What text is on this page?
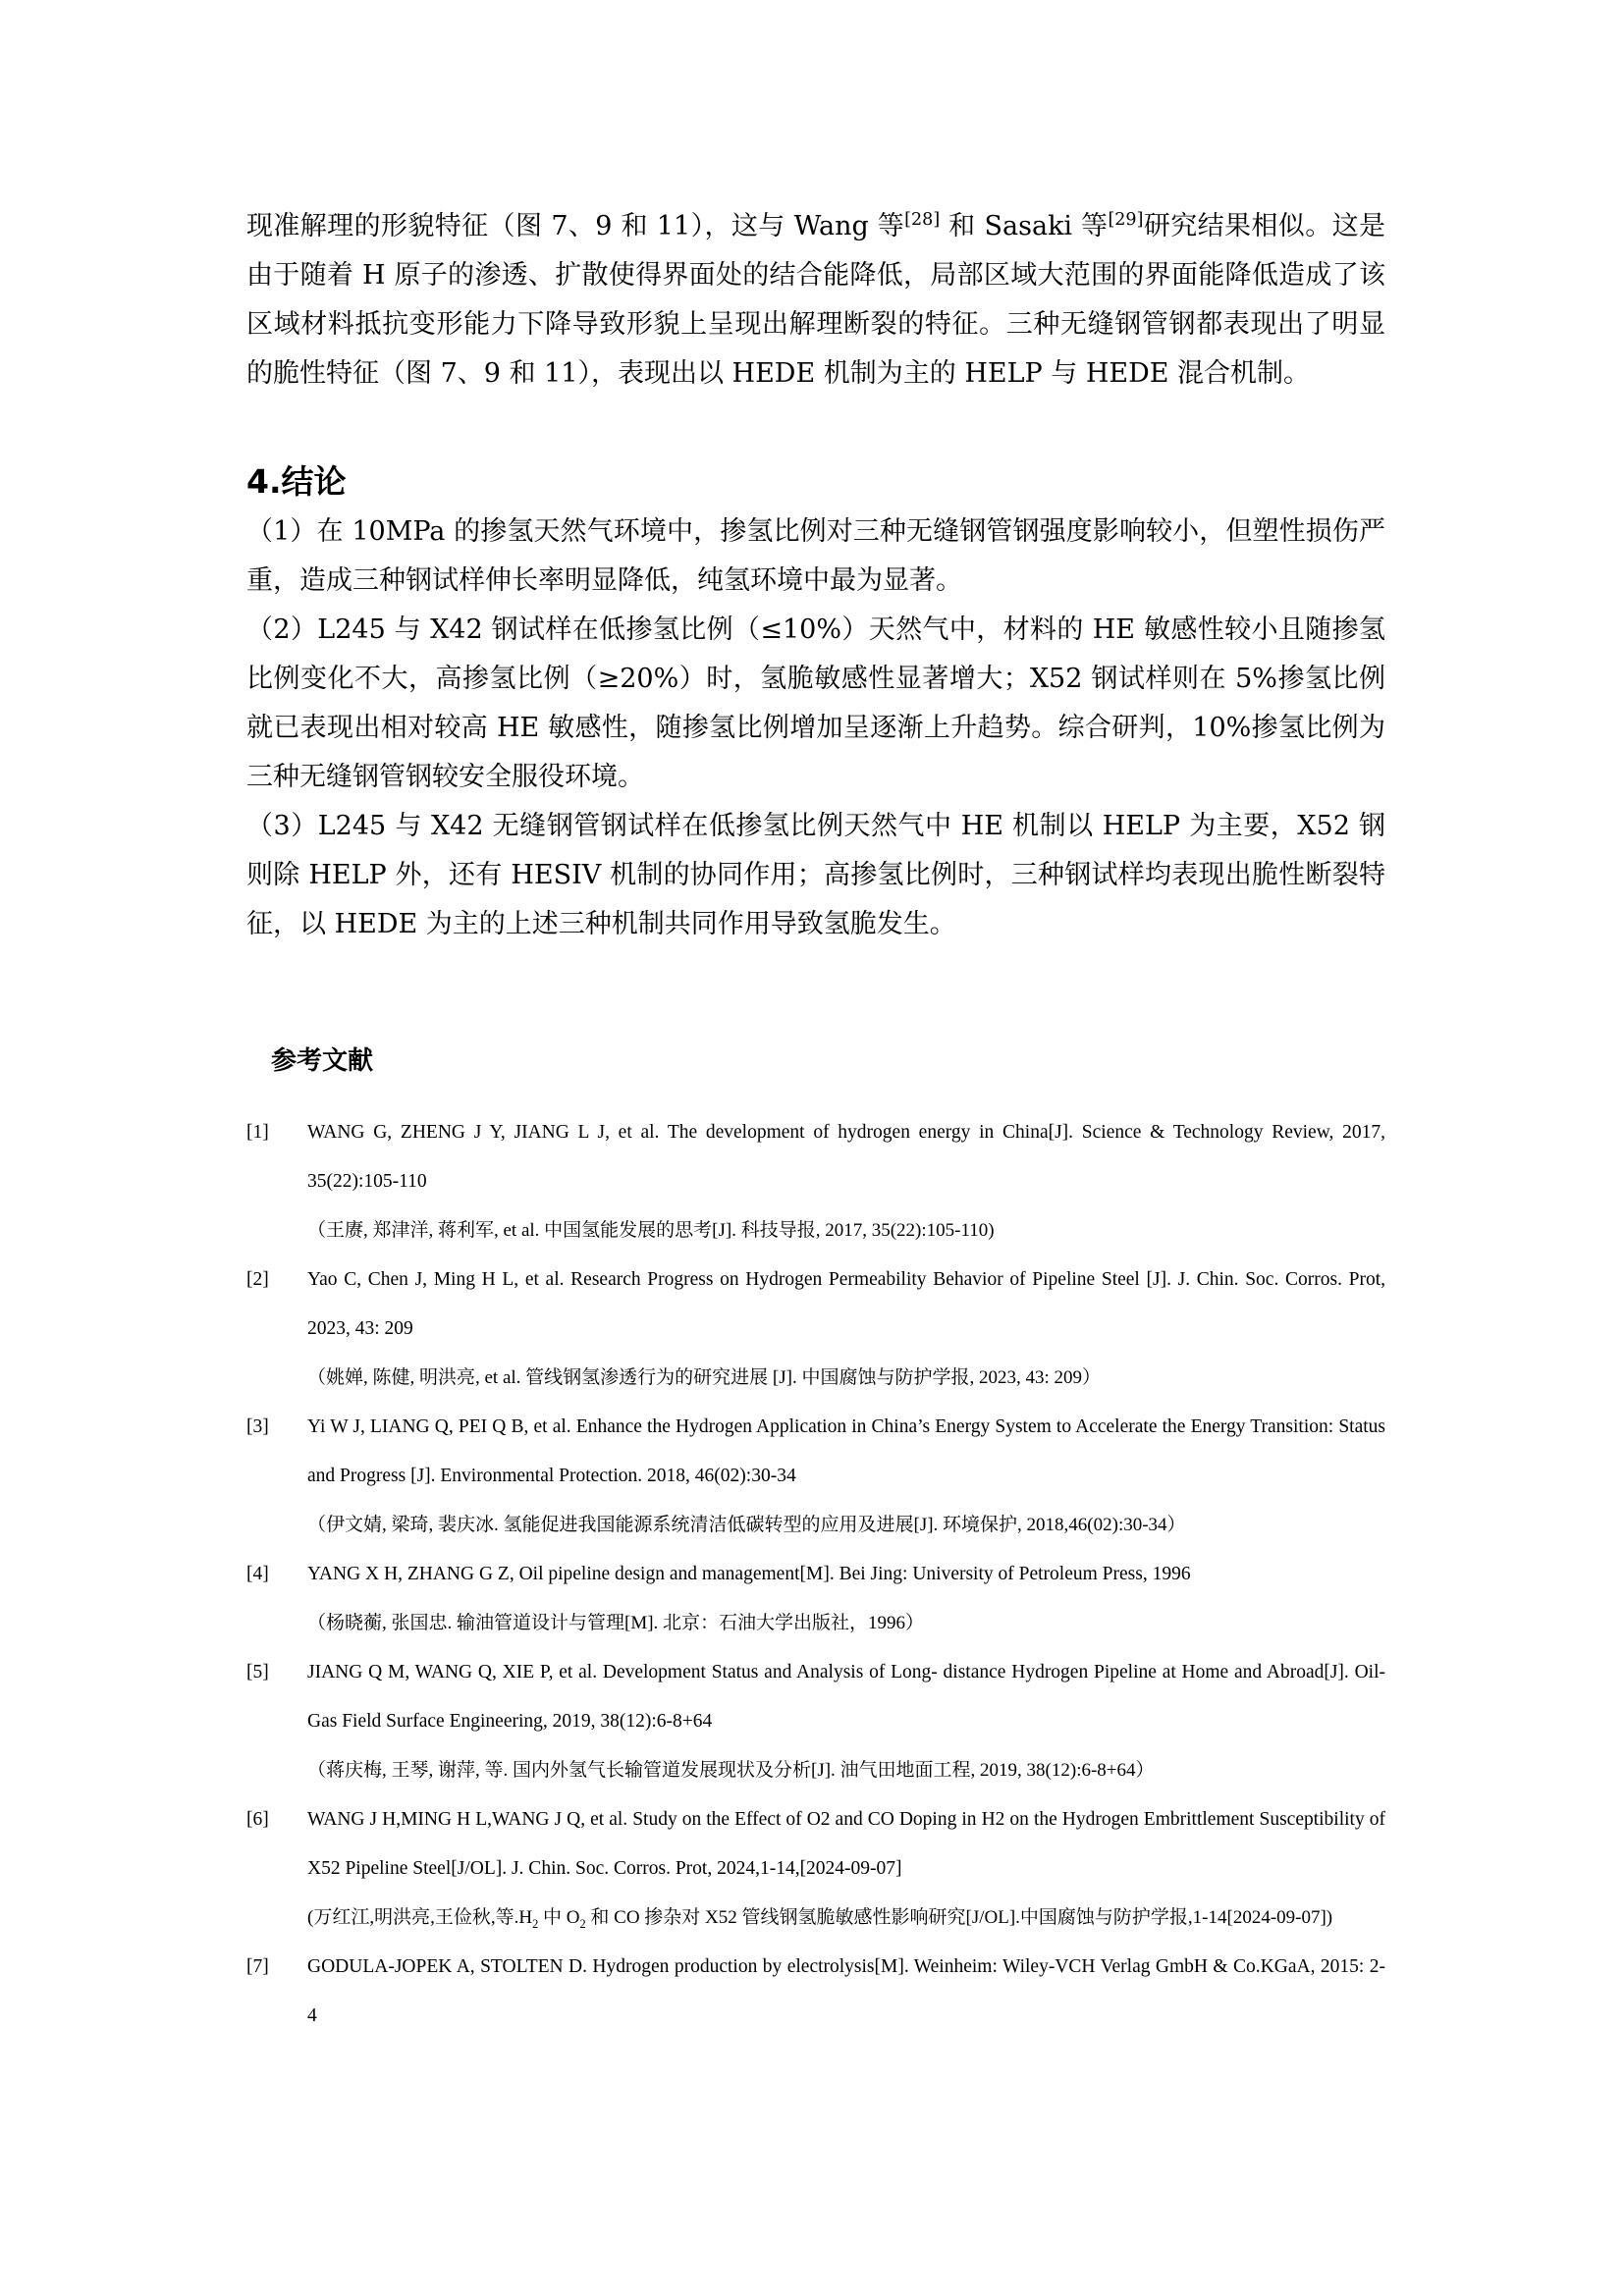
现准解理的形貌特征（图 7、9 和 11），这与 Wang 等[28] 和 Sasaki 等[29]研究结果相似。这是由于随着 H 原子的渗透、扩散使得界面处的结合能降低，局部区域大范围的界面能降低造成了该区域材料抵抗变形能力下降导致形貌上呈现出解理断裂的特征。三种无缝钢管钢都表现出了明显的脆性特征（图 7、9 和 11），表现出以 HEDE 机制为主的 HELP 与 HEDE 混合机制。

4.结论

（1）在 10MPa 的掺氢天然气环境中，掺氢比例对三种无缝钢管钢强度影响较小，但塑性损伤严重，造成三种钢试样伸长率明显降低，纯氢环境中最为显著。

（2）L245 与 X42 钢试样在低掺氢比例（≤10%）天然气中，材料的 HE 敏感性较小且随掺氢比例变化不大，高掺氢比例（≥20%）时，氢脆敏感性显著增大；X52 钢试样则在 5%掺氢比例就已表现出相对较高 HE 敏感性，随掺氢比例增加呈逐渐上升趋势。综合研判，10%掺氢比例为三种无缝钢管钢较安全服役环境。

（3）L245 与 X42 无缝钢管钢试样在低掺氢比例天然气中 HE 机制以 HELP 为主要，X52 钢则除 HELP 外，还有 HESIV 机制的协同作用；高掺氢比例时，三种钢试样均表现出脆性断裂特征，以 HEDE 为主的上述三种机制共同作用导致氢脆发生。

参考文献
[1]	WANG G, ZHENG J Y, JIANG L J, et al. The development of hydrogen energy in China[J]. Science & Technology Review, 2017, 35(22):105-110
（王赓, 郑津洋, 蒋利军, et al. 中国氢能发展的思考[J]. 科技导报, 2017, 35(22):105-110)
[2]	Yao C, Chen J, Ming H L, et al. Research Progress on Hydrogen Permeability Behavior of Pipeline Steel [J]. J. Chin. Soc. Corros. Prot, 2023, 43: 209
（姚婵, 陈健, 明洪亮, et al. 管线钢氢渗透行为的研究进展 [J]. 中国腐蚀与防护学报, 2023, 43: 209）
[3]	Yi W J, LIANG Q, PEI Q B, et al. Enhance the Hydrogen Application in China’s Energy System to Accelerate the Energy Transition: Status and Progress [J]. Environmental Protection. 2018, 46(02):30-34
（伊文婧, 梁琦, 裴庆冰. 氢能促进我国能源系统清洁低碳转型的应用及进展[J]. 环境保护, 2018,46(02):30-34）
[4]	YANG X H, ZHANG G Z, Oil pipeline design and management[M]. Bei Jing: University of Petroleum Press, 1996
（杨晓蘅, 张国忠. 输油管道设计与管理[M]. 北京：石油大学出版社，1996）
[5]	JIANG Q M, WANG Q, XIE P, et al. Development Status and Analysis of Long- distance Hydrogen Pipeline at Home and Abroad[J]. Oil-Gas Field Surface Engineering, 2019, 38(12):6-8+64
（蒋庆梅, 王琴, 谢萍, 等. 国内外氢气长输管道发展现状及分析[J]. 油气田地面工程, 2019, 38(12):6-8+64）
[6]	WANG J H,MING H L,WANG J Q, et al. Study on the Effect of O2 and CO Doping in H2 on the Hydrogen Embrittlement Susceptibility of X52 Pipeline Steel[J/OL]. J. Chin. Soc. Corros. Prot, 2024,1-14,[2024-09-07]
(万红江,明洪亮,王俭秋,等$.H_2$ 中 $O_2$ 和 CO 掺杂对 X52 管线钢氢脆敏感性影响研究[J/OL].中国腐蚀与防护学报,1-14[2024-09-07])
[7]	GODULA-JOPEK A, STOLTEN D. Hydrogen production by electrolysis[M]. Weinheim: Wiley-VCH Verlag GmbH & Co.KGaA, 2015: 2-4
